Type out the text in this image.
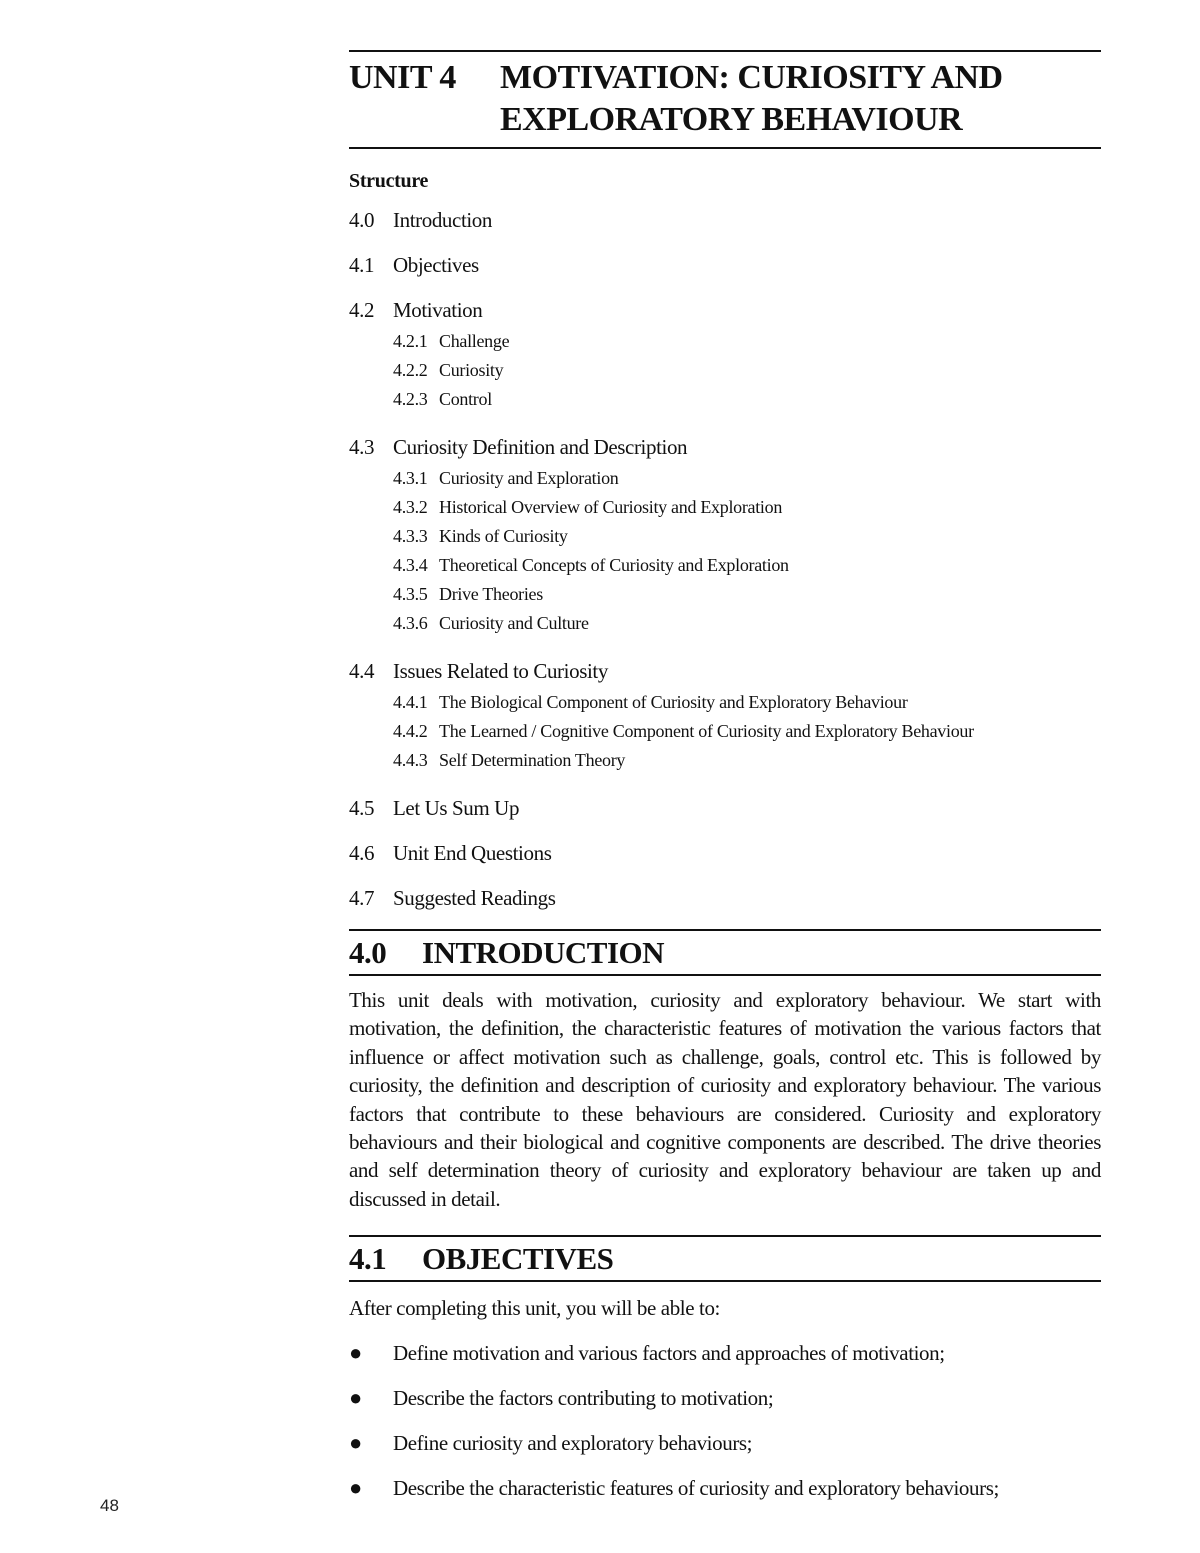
UNIT 4	MOTIVATION: CURIOSITY AND
EXPLORATORY BEHAVIOUR
Structure
4.0 Introduction
4.1 Objectives
4.2 Motivation
4.2.1 Challenge
4.2.2 Curiosity
4.2.3 Control
4.3 Curiosity Definition and Description
4.3.1 Curiosity and Exploration
4.3.2 Historical Overview of Curiosity and Exploration
4.3.3 Kinds of Curiosity
4.3.4 Theoretical Concepts of Curiosity and Exploration
4.3.5 Drive Theories
4.3.6 Curiosity and Culture
4.4 Issues Related to Curiosity
4.4.1 The Biological Component of Curiosity and Exploratory Behaviour
4.4.2 The Learned / Cognitive Component of Curiosity and Exploratory Behaviour
4.4.3 Self Determination Theory
4.5 Let Us Sum Up
4.6 Unit End Questions
4.7 Suggested Readings
4.0	INTRODUCTION

This unit deals with motivation, curiosity and exploratory behaviour. We start with motivation, the definition, the characteristic features of motivation the various factors that influence or affect motivation such as challenge, goals, control etc. This is followed by curiosity, the definition and description of curiosity and exploratory behaviour. The various factors that contribute to these behaviours are considered. Curiosity and exploratory behaviours and their biological and cognitive components are described. The drive theories and self determination theory of curiosity and exploratory behaviour are taken up and discussed in detail.

4.1	OBJECTIVES
After completing this unit, you will be able to:
●	Define motivation and various factors and approaches of motivation;
●	Describe the factors contributing to motivation;
●	Define curiosity and exploratory behaviours;
●	Describe the characteristic features of curiosity and exploratory behaviours;
48
